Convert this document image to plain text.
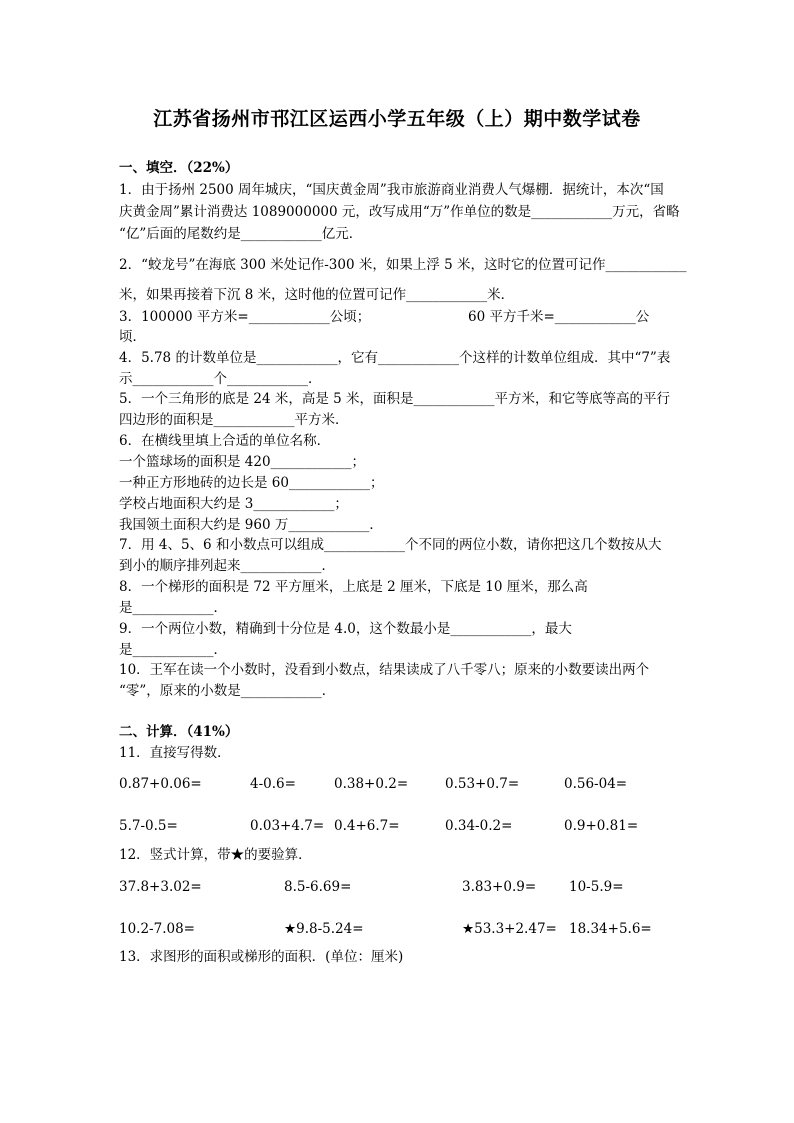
江苏省扬州市邗江区运西小学五年级（上）期中数学试卷
一、填空．（22%）
1．由于扬州 2500 周年城庆，“国庆黄金周”我市旅游商业消费人气爆棚．据统计，本次“国
庆黄金周”累计消费达 1089000000 元，改写成用“万”作单位的数是____________万元，省略
“亿”后面的尾数约是____________亿元．
2．“蛟龙号”在海底 300 米处记作-300 米，如果上浮 5 米，这时它的位置可记作____________
米，如果再接着下沉 8 米，这时他的位置可记作____________米．
3．100000 平方米=____________公顷；	60 平方千米=____________公
顷．
4．5.78 的计数单位是____________，它有____________个这样的计数单位组成．其中“7”表
示____________个____________．
5．一个三角形的底是 24 米，高是 5 米，面积是____________平方米，和它等底等高的平行
四边形的面积是____________平方米．
6．在横线里填上合适的单位名称．
一个篮球场的面积是 420____________；
一种正方形地砖的边长是 60____________；
学校占地面积大约是 3____________；
我国领土面积大约是 960 万____________．
7．用 4、5、6 和小数点可以组成____________个不同的两位小数，请你把这几个数按从大
到小的顺序排列起来____________．
8．一个梯形的面积是 72 平方厘米，上底是 2 厘米，下底是 10 厘米，那么高
是____________．
9．一个两位小数，精确到十分位是 4.0，这个数最小是____________，最大
是____________．
10．王军在读一个小数时，没看到小数点，结果读成了八千零八；原来的小数要读出两个
“零”，原来的小数是____________．
二、计算．（41%）
11．直接写得数．
0.87+0.06=	4-0.6=	0.38+0.2=	0.53+0.7=	0.56-04=
5.7-0.5=	0.03+4.7= 0.4+6.7=	0.34-0.2=	0.9+0.81=
12．竖式计算，带★的要验算．
37.8+3.02=	8.5-6.69=	3.83+0.9= 10-5.9=
10.2-7.08=	★9.8-5.24=	★53.3+2.47= 18.34+5.6=
13．求图形的面积或梯形的面积．(单位：厘米)
